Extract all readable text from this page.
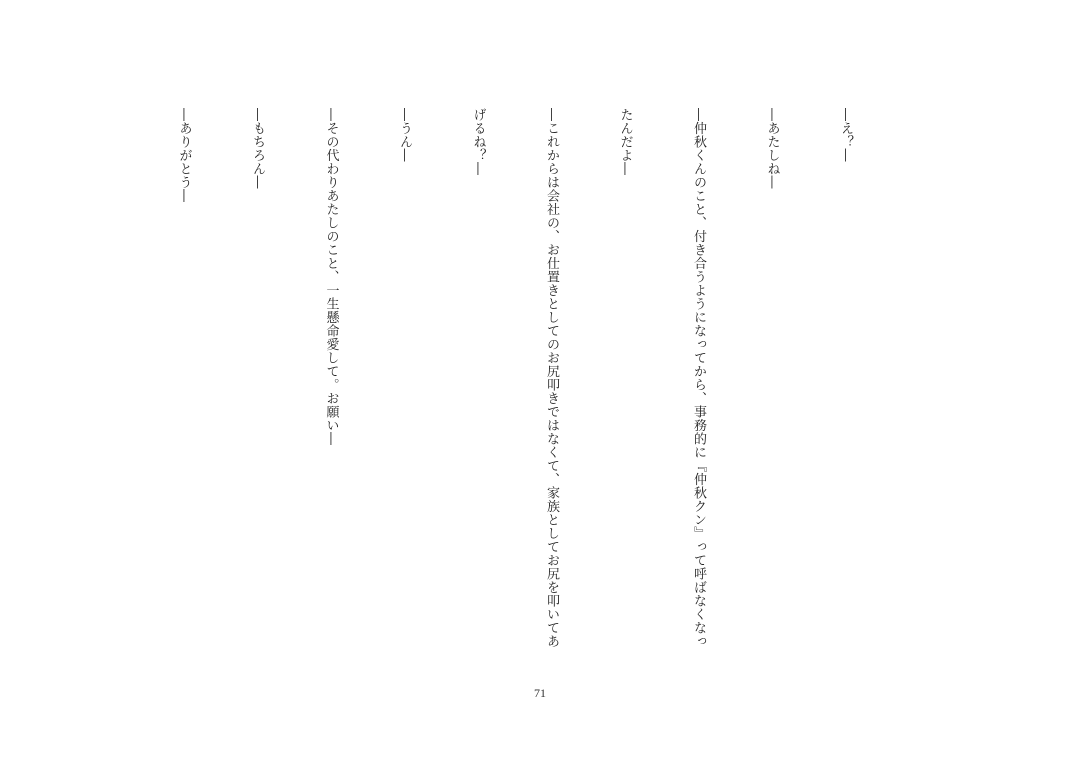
―え？―

―あたしね―

―仲秋くんのこと、付き合うようになってから、事務的に『仲秋クン』って呼ばなくなっ

たんだよ―

―これからは会社の、お仕置きとしてのお尻叩きではなくて、家族としてお尻を叩いてあ

げるね？―

―うん―

―その代わりあたしのこと、一生懸命愛して。お願い―

―もちろん―

―ありがとう―

71
